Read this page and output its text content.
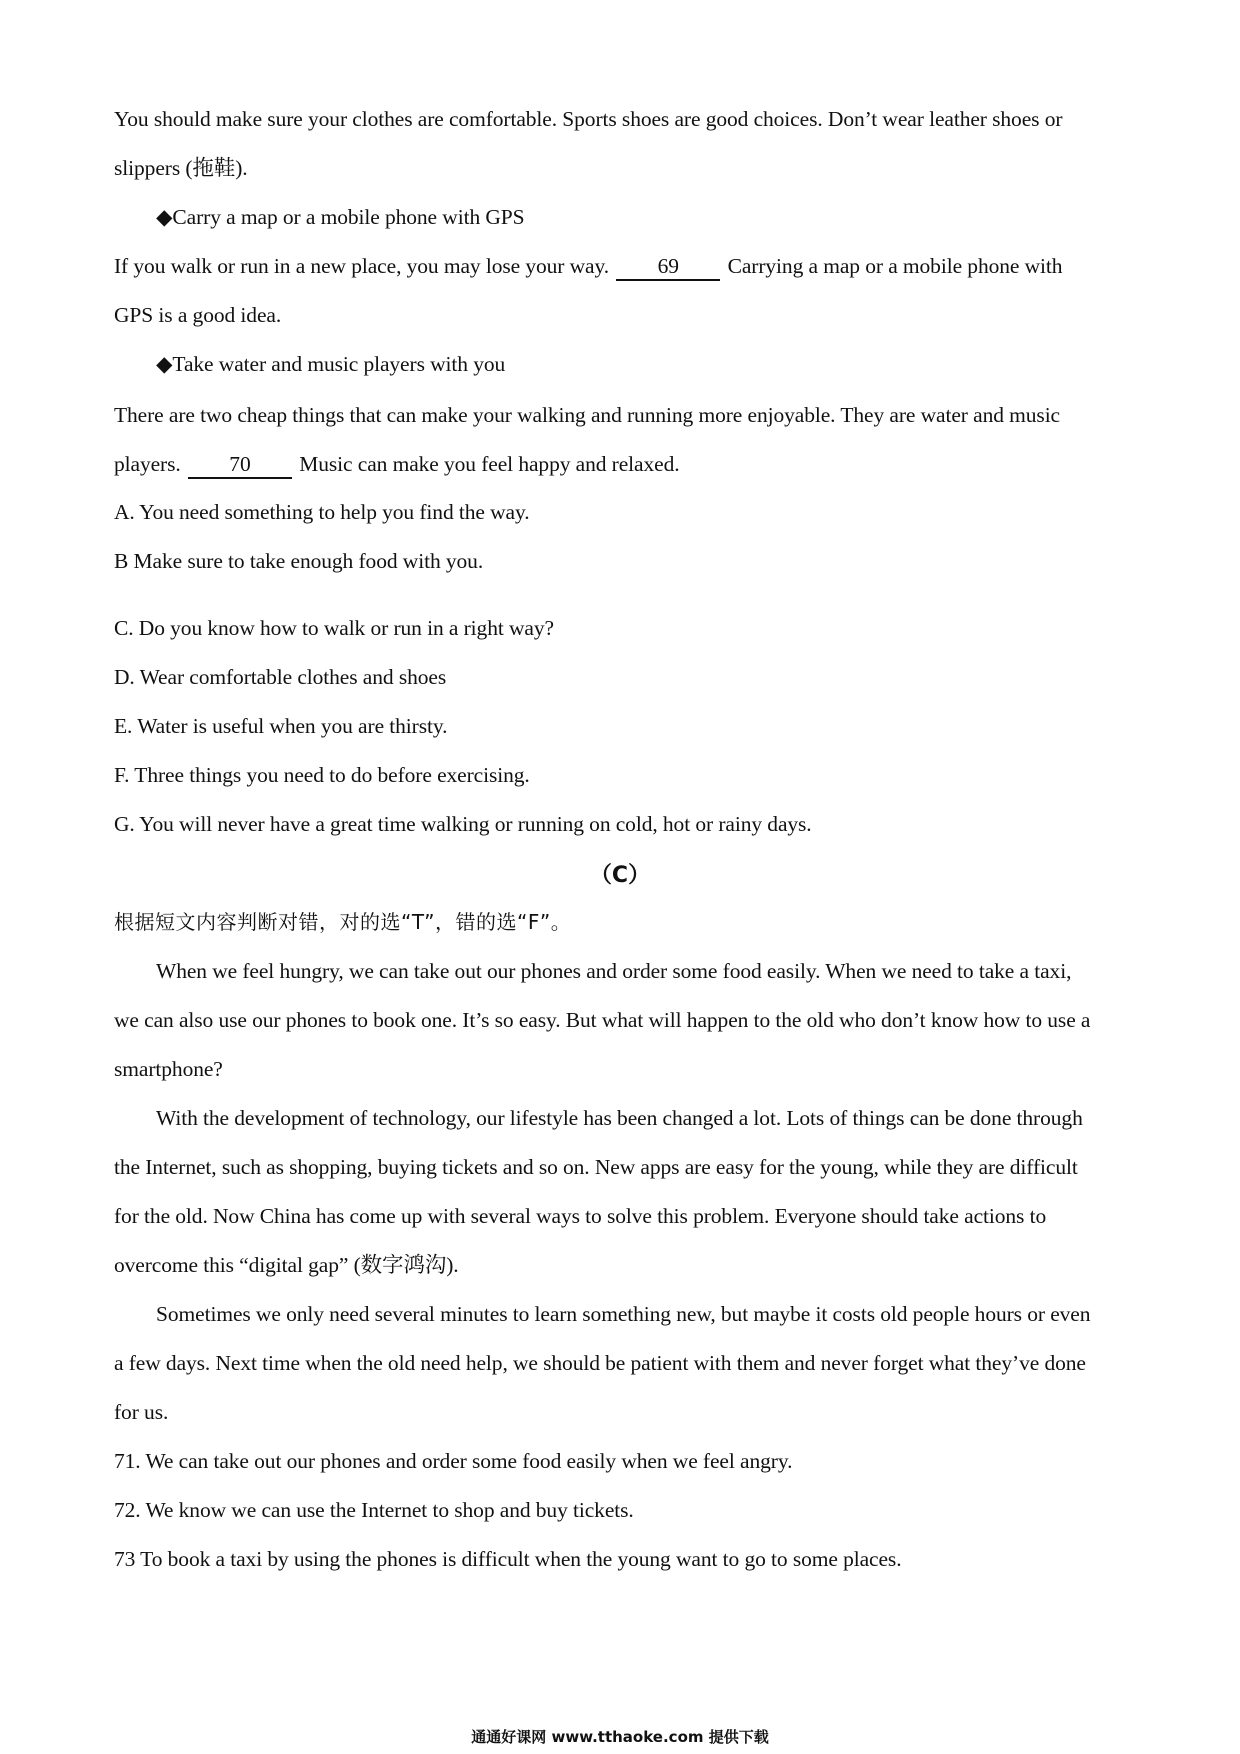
You should make sure your clothes are comfortable. Sports shoes are good choices. Don’t wear leather shoes or
slippers (拖鞋).
◆Carry a map or a mobile phone with GPS
If you walk or run in a new place, you may lose your way. 69 Carrying a map or a mobile phone with
GPS is a good idea.
◆Take water and music players with you
There are two cheap things that can make your walking and running more enjoyable. They are water and music
players. 70 Music can make you feel happy and relaxed.
A. You need something to help you find the way.
B Make sure to take enough food with you.
C. Do you know how to walk or run in a right way?
D. Wear comfortable clothes and shoes
E. Water is useful when you are thirsty.
F. Three things you need to do before exercising.
G. You will never have a great time walking or running on cold, hot or rainy days.
（C）
根据短文内容判断对错，对的选“T”，错的选“F”。
When we feel hungry, we can take out our phones and order some food easily. When we need to take a taxi,
we can also use our phones to book one. It’s so easy. But what will happen to the old who don’t know how to use a
smartphone?
With the development of technology, our lifestyle has been changed a lot. Lots of things can be done through
the Internet, such as shopping, buying tickets and so on. New apps are easy for the young, while they are difficult
for the old. Now China has come up with several ways to solve this problem. Everyone should take actions to
overcome this “digital gap” (数字鸿沟).
Sometimes we only need several minutes to learn something new, but maybe it costs old people hours or even
a few days. Next time when the old need help, we should be patient with them and never forget what they’ve done
for us.
71. We can take out our phones and order some food easily when we feel angry.
72. We know we can use the Internet to shop and buy tickets.
73 To book a taxi by using the phones is difficult when the young want to go to some places.
通通好课网 www.tthaoke.com 提供下载
